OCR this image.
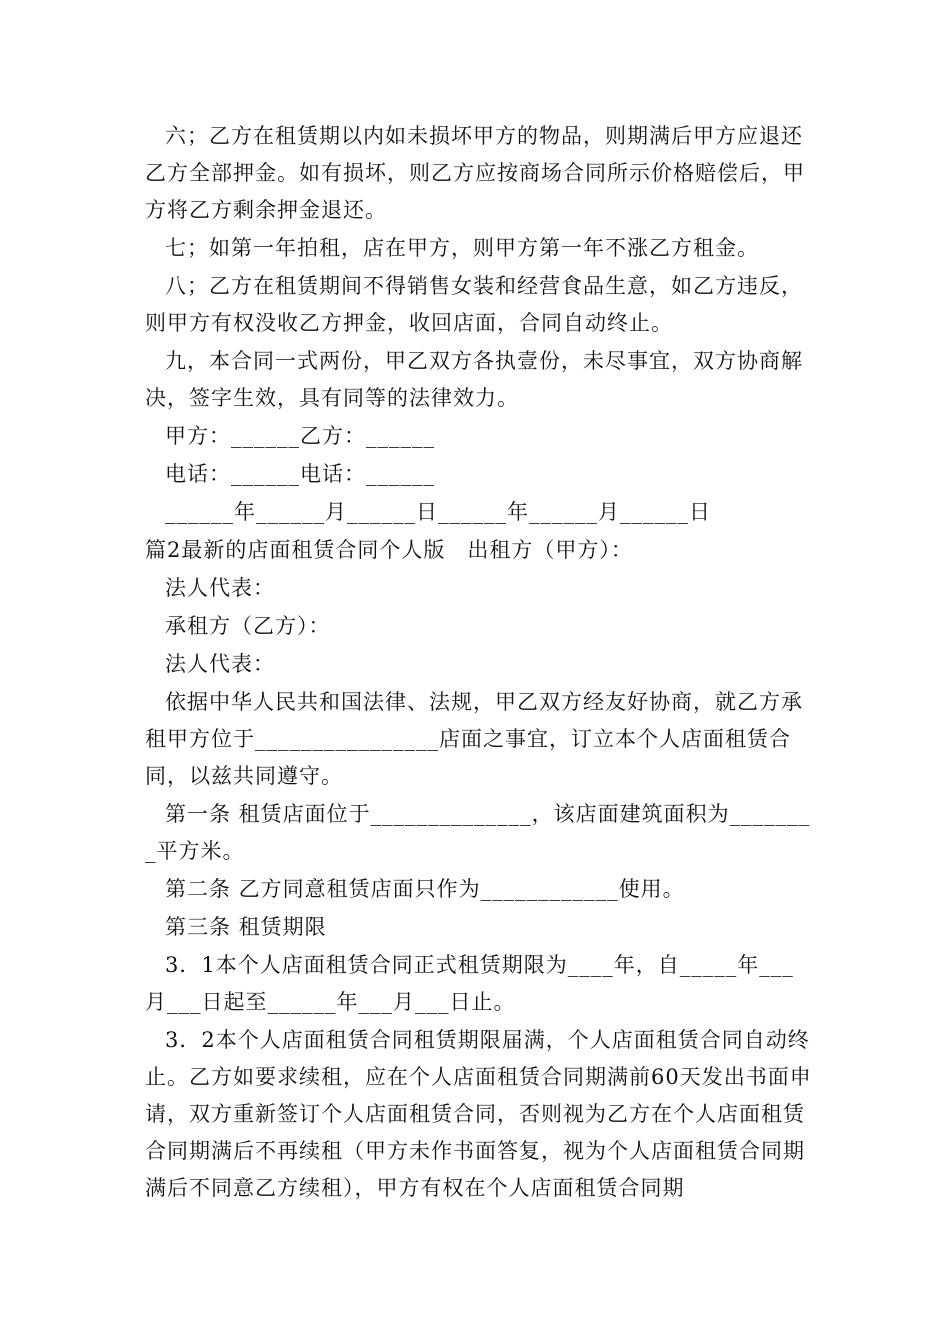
六；乙方在租赁期以内如未损坏甲方的物品，则期满后甲方应退还乙方全部押金。如有损坏，则乙方应按商场合同所示价格赔偿后，甲方将乙方剩余押金退还。

七；如第一年拍租，店在甲方，则甲方第一年不涨乙方租金。

八；乙方在租赁期间不得销售女装和经营食品生意，如乙方违反，则甲方有权没收乙方押金，收回店面，合同自动终止。

九，本合同一式两份，甲乙双方各执壹份，未尽事宜，双方协商解决，签字生效，具有同等的法律效力。

甲方：______乙方：______

电话：______电话：______

______年______月______日______年______月______日

篇2最新的店面租赁合同个人版　出租方（甲方）：

法人代表：

承租方（乙方）：

法人代表：

依据中华人民共和国法律、法规，甲乙双方经友好协商，就乙方承租甲方位于________________店面之事宜，订立本个人店面租赁合同，以兹共同遵守。

第一条 租赁店面位于______________，该店面建筑面积为________平方米。

第二条 乙方同意租赁店面只作为____________使用。

第三条 租赁期限

3．1本个人店面租赁合同正式租赁期限为____年，自_____年___月___日起至______年___月___日止。

3．2本个人店面租赁合同租赁期限届满，个人店面租赁合同自动终止。乙方如要求续租，应在个人店面租赁合同期满前60天发出书面申请，双方重新签订个人店面租赁合同，否则视为乙方在个人店面租赁合同期满后不再续租（甲方未作书面答复，视为个人店面租赁合同期满后不同意乙方续租），甲方有权在个人店面租赁合同期
